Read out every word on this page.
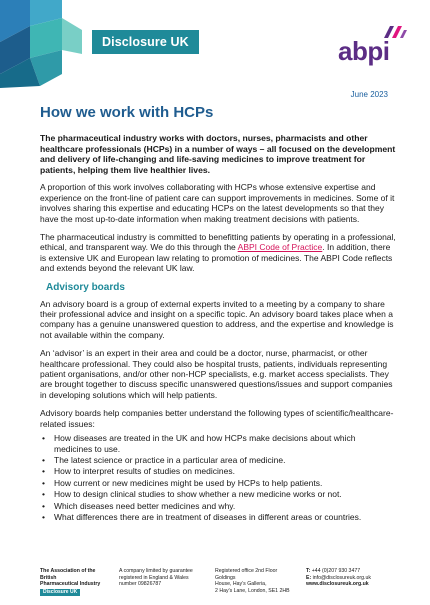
Disclosure UK	abpi
June 2023
How we work with HCPs

The pharmaceutical industry works with doctors, nurses, pharmacists and other healthcare professionals (HCPs) in a number of ways – all focused on the development and delivery of life-changing and life-saving medicines to improve treatment for patients, helping them live healthier lives.

A proportion of this work involves collaborating with HCPs whose extensive expertise and experience on the front-line of patient care can support improvements in medicines. Some of it involves sharing this expertise and educating HCPs on the latest developments so that they have the most up-to-date information when making treatment decisions with patients.

The pharmaceutical industry is committed to benefitting patients by operating in a professional, ethical, and transparent way. We do this through the ABPI Code of Practice. In addition, there is extensive UK and European law relating to promotion of medicines. The ABPI Code reflects and extends beyond the relevant UK law.

Advisory boards

An advisory board is a group of external experts invited to a meeting by a company to share their professional advice and insight on a specific topic. An advisory board takes place when a company has a genuine unanswered question to address, and the expertise and knowledge is not available within the company.

An ‘advisor’ is an expert in their area and could be a doctor, nurse, pharmacist, or other healthcare professional. They could also be hospital trusts, patients, individuals representing patient organisations, and/or other non-HCP specialists, e.g. market access specialists. They are brought together to discuss specific unanswered questions/issues and support companies in developing solutions which will help patients.

Advisory boards help companies better understand the following types of scientific/healthcare-related issues:

• How diseases are treated in the UK and how HCPs make decisions about which medicines to use.
• The latest science or practice in a particular area of medicine.
• How to interpret results of studies on medicines.
• How current or new medicines might be used by HCPs to help patients.
• How to design clinical studies to show whether a new medicine works or not.
• Which diseases need better medicines and why.
• What differences there are in treatment of diseases in different areas or countries.
The Association of the British
Pharmaceutical Industry
Disclosure UK
A company limited by guarantee
registered in England & Wales
number 09826787
Registered office 2nd Floor Goldings
House, Hay’s Galleria,
2 Hay’s Lane, London, SE1 2HB
T: +44 (0)207 930 3477
E: info@disclosureuk.org.uk
www.disclosureuk.org.uk
